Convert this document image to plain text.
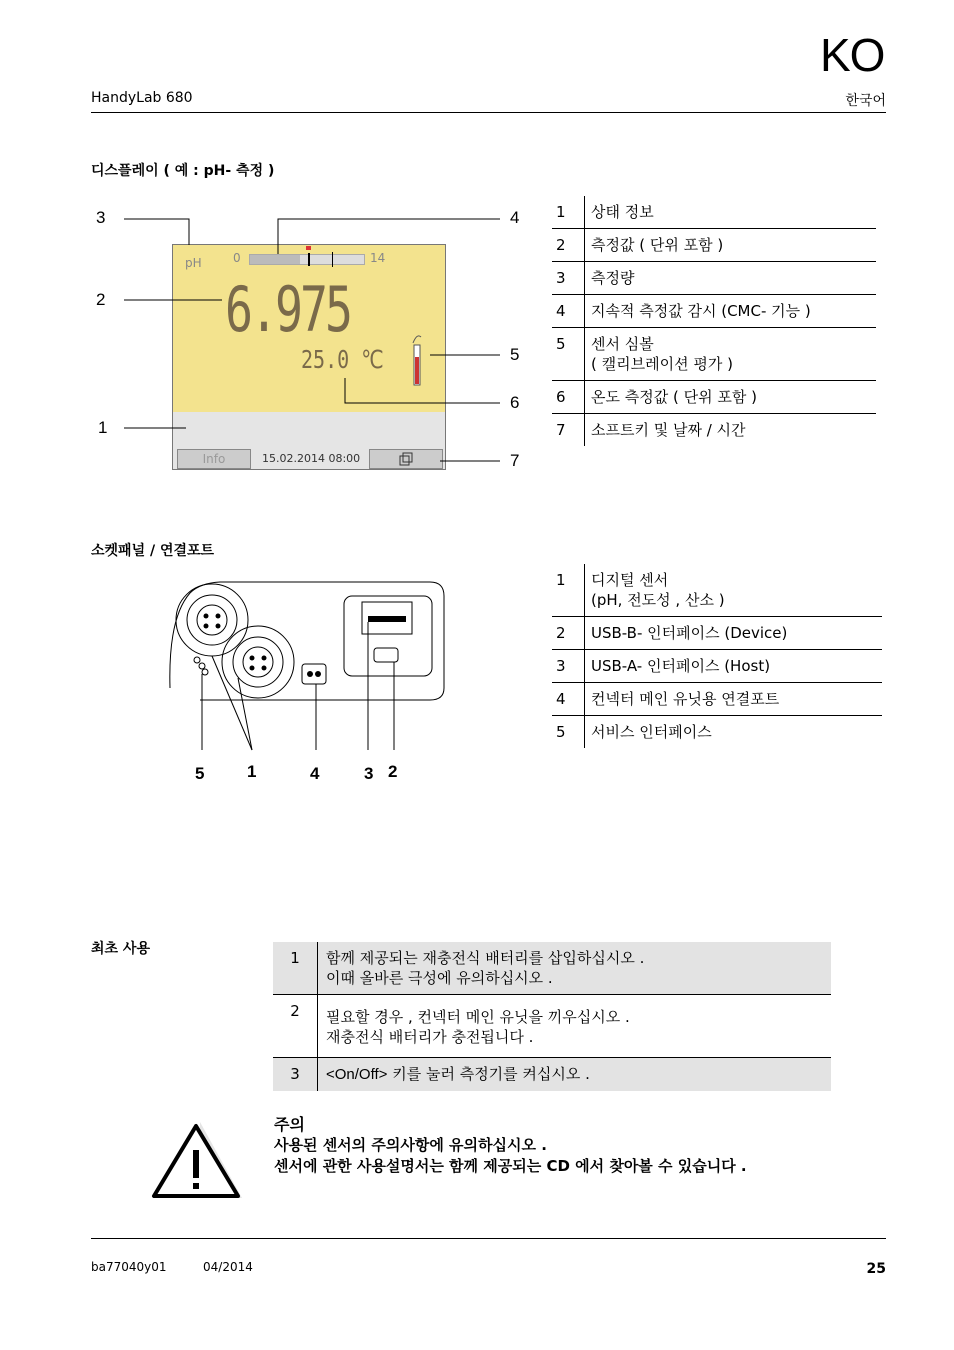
KO
HandyLab 680	한국어
디스플레이 ( 예 : pH- 측정 )
pH	0	14
6.975
25.0 ℃
Info	15.02.2014 08:00
3
2
1
4
5
6
7
1	상태 정보
2	측정값 ( 단위 포함 )
3	측정량
4	지속적 측정값 감시 (CMC- 기능 )
5	센서 심볼
( 캘리브레이션 평가 )

6	온도 측정값 ( 단위 포함 )
7	소프트키 및 날짜 / 시간
소켓패널 / 연결포트
5	1	4	3 2
1	디지털 센서
(pH, 전도성 , 산소 )

2	USB-B- 인터페이스 (Device)
3	USB-A- 인터페이스 (Host)
4	컨넥터 메인 유닛용 연결포트
5	서비스 인터페이스
최초 사용	1	함께 제공되는 재충전식 배터리를 삽입하십시오 .
이때 올바른 극성에 유의하십시오 .

2	필요할 경우 , 컨넥터 메인 유닛을 끼우십시오 .
재충전식 배터리가 충전됩니다 .

3	<On/Off> 키를 눌러 측정기를 켜십시오 .
주의
사용된 센서의 주의사항에 유의하십시오 .
센서에 관한 사용설명서는 함께 제공되는 CD 에서 찾아볼 수 있습니다 .
ba77040y01	04/2014	25
